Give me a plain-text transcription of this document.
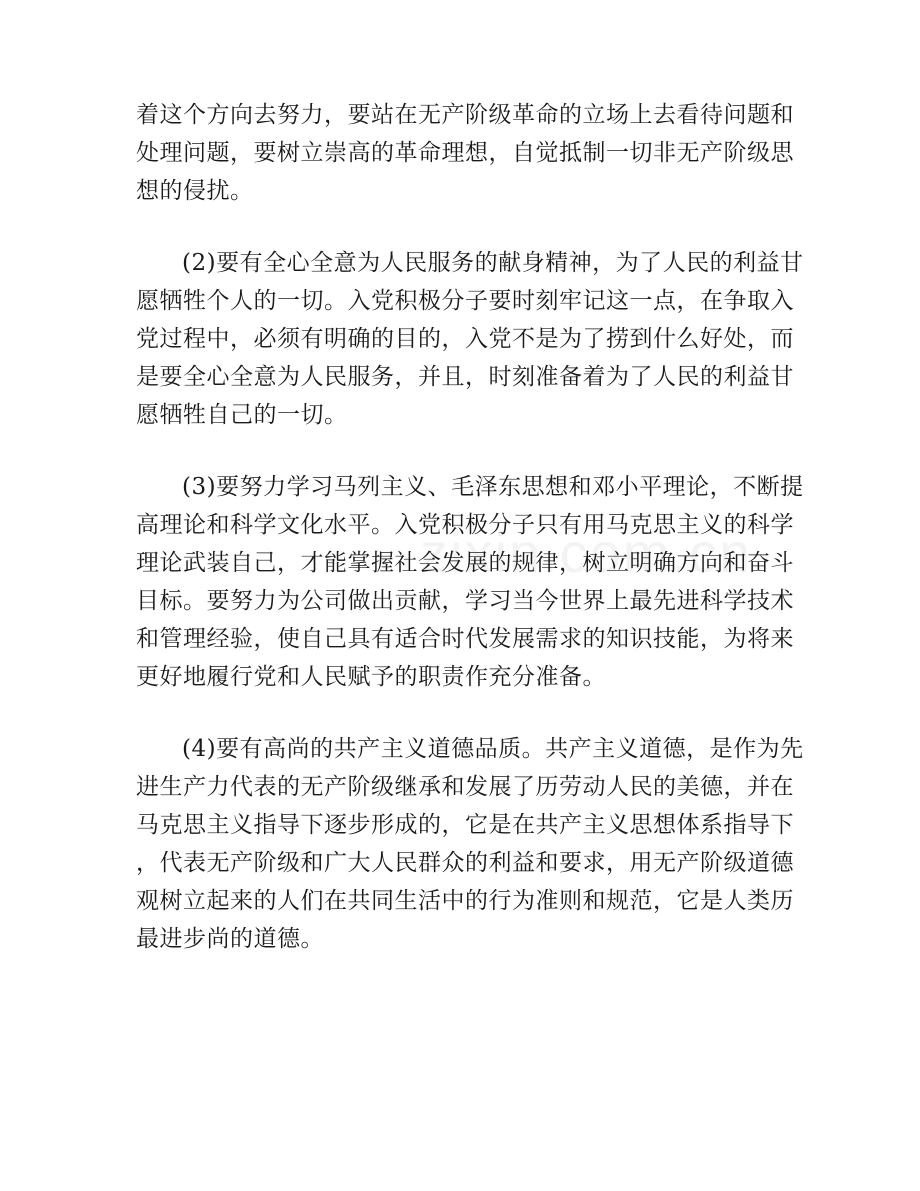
着这个方向去努力，要站在无产阶级革命的立场上去看待问题和
处理问题，要树立崇高的革命理想，自觉抵制一切非无产阶级思
想的侵扰。
(2)要有全心全意为人民服务的献身精神，为了人民的利益甘
愿牺牲个人的一切。入党积极分子要时刻牢记这一点，在争取入
党过程中，必须有明确的目的，入党不是为了捞到什么好处，而
是要全心全意为人民服务，并且，时刻准备着为了人民的利益甘
愿牺牲自己的一切。
(3)要努力学习马列主义、毛泽东思想和邓小平理论，不断提
高理论和科学文化水平。入党积极分子只有用马克思主义的科学
理论武装自己，才能掌握社会发展的规律，树立明确方向和奋斗
目标。要努力为公司做出贡献，学习当今世界上最先进科学技术
和管理经验，使自己具有适合时代发展需求的知识技能，为将来
更好地履行党和人民赋予的职责作充分准备。
(4)要有高尚的共产主义道德品质。共产主义道德，是作为先
进生产力代表的无产阶级继承和发展了历劳动人民的美德，并在
马克思主义指导下逐步形成的，它是在共产主义思想体系指导下
，代表无产阶级和广大人民群众的利益和要求，用无产阶级道德
观树立起来的人们在共同生活中的行为准则和规范，它是人类历
最进步尚的道德。
